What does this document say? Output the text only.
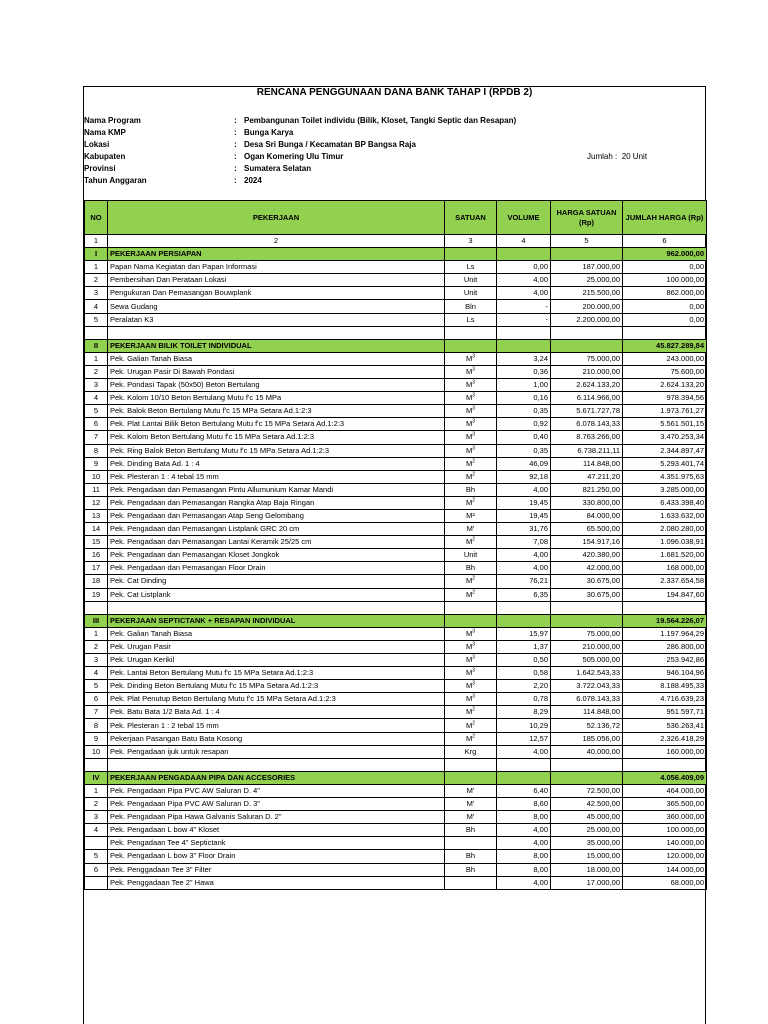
RENCANA PENGGUNAAN DANA BANK TAHAP I (RPDB 2)
Nama Program	: Pembangunan Toilet individu (Bilik, Kloset, Tangki Septic dan Resapan)
Nama KMP	: Bunga Karya
Lokasi	: Desa Sri Bunga / Kecamatan BP Bangsa Raja
Kabupaten	: Ogan Komering Ulu Timur
Provinsi	: Sumatera Selatan
Tahun Anggaran	: 2024
Jumlah : 20 Unit
NO	PEKERJAAN	SATUAN	VOLUME	HARGA SATUAN (Rp)	JUMLAH HARGA (Rp)
1	2	3	4	5	6
I	PEKERJAAN PERSIAPAN				962.000,00
1	Papan Nama Kegiatan dan Papan Informasi	Ls	0,00	187.000,00	0,00
2	Pembersihan Dan Perataan Lokasi	Unit	4,00	25.000,00	100.000,00
3	Pengukuran Dan Pemasangan Bouwplank	Unit	4,00	215.500,00	862.000,00
4	Sewa Gudang	Bln	-	200.000,00	0,00
5	Peralatan K3	Ls	-	2.200.000,00	0,00

II	PEKERJAAN BILIK TOILET INDIVIDUAL				45.827.289,84
1	Pek. Galian Tanah Biasa	$M^3$	3,24	75.000,00	243.000,00
2	Pek. Urugan Pasir Di Bawah Pondasi	$M^3$	0,36	210.000,00	75.600,00
3	Pek. Pondasi Tapak (50x50) Beton Bertulang	$M^3$	1,00	2.624.133,20	2.624.133,20
4	Pek. Kolom 10/10 Beton Bertulang Mutu f'c 15 MPa	$M^3$	0,16	6.114.966,00	978.394,56
5	Pek. Balok Beton Bertulang Mutu f'c 15 MPa Setara Ad.1:2:3	$M^3$	0,35	5.671.727,78	1.973.761,27
6	Pek. Plat Lantai Bilik Beton Bertulang Mutu f'c 15 MPa Setara Ad.1:2:3	$M^3$	0,92	6.078.143,33	5.561.501,15
7	Pek. Kolom Beton Bertulang Mutu f'c 15 MPa Setara Ad.1:2:3	$M^3$	0,40	8.763.266,00	3.470.253,34
8	Pek. Ring Balok Beton Bertulang Mutu f'c 15 MPa Setara Ad.1:2:3	$M^3$	0,35	6.738.211,11	2.344.897,47
9	Pek. Dinding Bata Ad. 1 : 4	$M^2$	46,09	114.848,00	5.293.401,74
10	Pek. Plesteran 1 : 4 tebal 15 mm	$M^2$	92,18	47.211,20	4.351.975,63
11	Pek. Pengadaan dan Pemasangan Pintu Allumunium Kamar Mandi	Bh	4,00	821.250,00	3.285.000,00
12	Pek. Pengadaan dan Pemasangan Rangka Atap Baja Ringan	$M^2$	19,45	330.800,00	6.433.398,40
13	Pek. Pengadaan dan Pemasangan Atap Seng Gelombang	M²	19,45	84.000,00	1.633.632,00
14	Pek. Pengadaan dan Pemasangan Listplank GRC 20 cm	M'	31,76	65.500,00	2.080.280,00
15	Pek. Pengadaan dan Pemasangan Lantai Keramik 25/25 cm	$M^2$	7,08	154.917,16	1.096.038,91
16	Pek. Pengadaan dan Pemasangan Kloset Jongkok	Unit	4,00	420.380,00	1.681.520,00
17	Pek. Pengadaan dan Pemasangan Floor Drain	Bh	4,00	42.000,00	168.000,00
18	Pek. Cat Dinding	$M^2$	76,21	30.675,00	2.337.654,58
19	Pek. Cat Listplank	$M^2$	6,35	30.675,00	194.847,60

III	PEKERJAAN SEPTICTANK + RESAPAN INDIVIDUAL				19.564.226,07
1	Pek. Galian Tanah Biasa	$M^3$	15,97	75.000,00	1.197.964,29
2	Pek. Urugan Pasir	$M^3$	1,37	210.000,00	286.800,00
3	Pek. Urugan Kerikil	$M^3$	0,50	505.000,00	253.942,86
4	Pek. Lantai Beton Bertulang Mutu f'c 15 MPa Setara Ad.1:2:3	$M^3$	0,58	1.642.543,33	946.104,96
5	Pek. Dinding Beton Bertulang Mutu f'c 15 MPa Setara Ad.1:2:3	$M^3$	2,20	3.722.043,33	8.188.495,33
6	Pek. Plat Penutup Beton Bertulang Mutu f'c 15 MPa Setara Ad.1:2:3	$M^3$	0,78	6.078.143,33	4.716.639,23
7	Pek. Batu Bata 1/2 Bata Ad. 1 : 4	$M^2$	8,29	114.848,00	951.597,71
8	Pek. Plesteran 1 : 2 tebal 15 mm	$M^2$	10,29	52.136,72	536.263,41
9	Pekerjaan Pasangan Batu Bata Kosong	$M^2$	12,57	185.056,00	2.326.418,29
10	Pek. Pengadaan ijuk untuk resapan	Krg	4,00	40.000,00	160.000,00

IV	PEKERJAAN PENGADAAN PIPA DAN ACCESORIES				4.056.409,09
1	Pek. Pengadaan Pipa PVC AW Saluran D. 4"	M'	6,40	72.500,00	464.000,00
2	Pek. Pengadaan Pipa PVC AW Saluran D. 3"	M'	8,60	42.500,00	365.500,00
3	Pek. Pengadaan Pipa Hawa Galvanis Saluran D. 2"	M'	8,00	45.000,00	360.000,00
4	Pek. Pengadaan L bow 4" Kloset	Bh	4,00	25.000,00	100.000,00
	Pek. Pengadaan Tee 4" Septictank		4,00	35.000,00	140.000,00
5	Pek. Pengadaan L bow 3" Floor Drain	Bh	8,00	15.000,00	120.000,00
6	Pek. Penggadaan Tee 3" Filter	Bh	8,00	18.000,00	144.000,00
	Pek. Penggadaan Tee 2" Hawa		4,00	17.000,00	68.000,00
